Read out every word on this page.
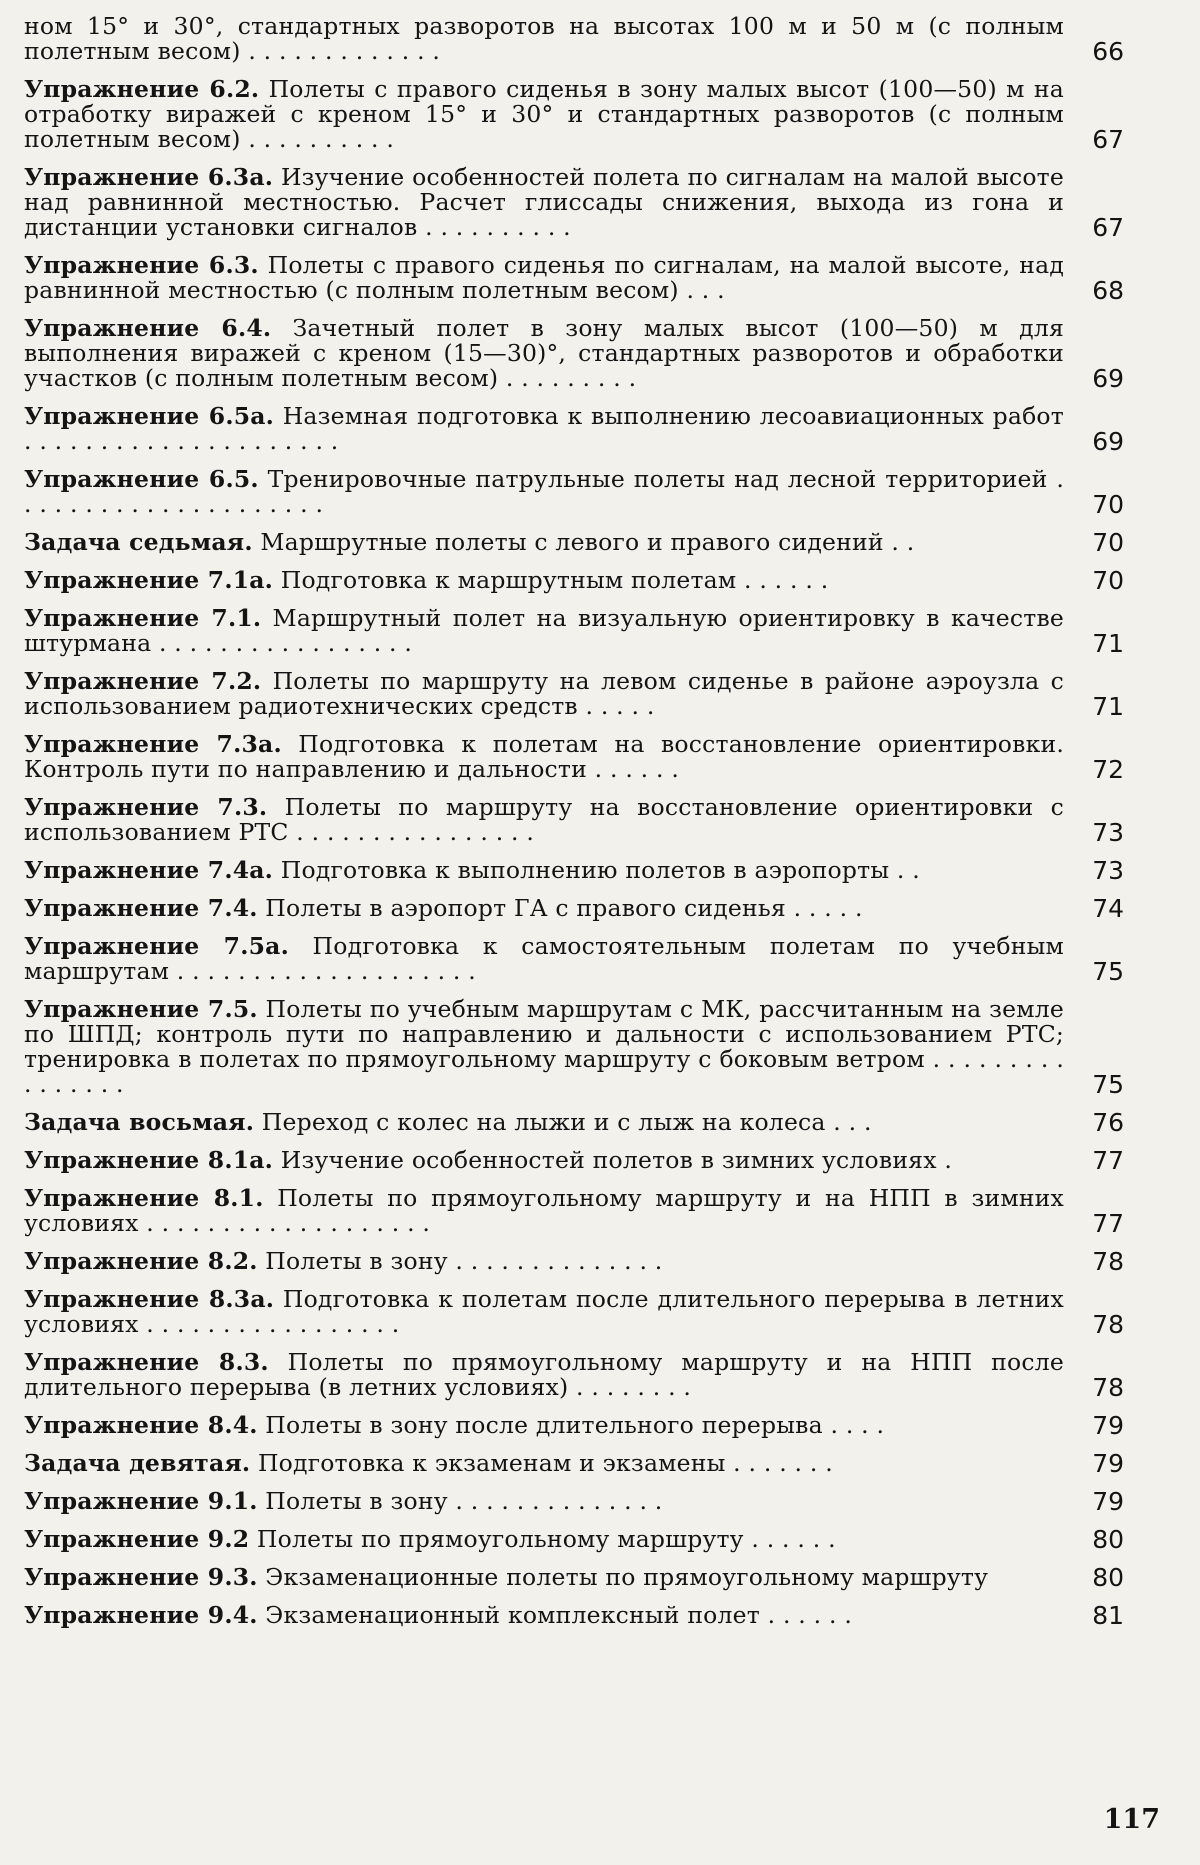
ном 15° и 30°, стандартных разворотов на высотах 100 м и 50 м (с полным полетным весом) . . . . . . . . . . . . .	66
Упражнение 6.2. Полеты с правого сиденья в зону малых высот (100—50) м на отработку виражей с креном 15° и 30° и стандартных разворотов (с полным полетным весом) . . . . . . . . . .	67
Упражнение 6.3а. Изучение особенностей полета по сигналам на малой высоте над равнинной местностью. Расчет глиссады снижения, выхода из гона и дистанции установки сигналов . . . . . . . . . .	67
Упражнение 6.3. Полеты с правого сиденья по сигналам, на малой высоте, над равнинной местностью (с полным полетным весом) . . .	68
Упражнение 6.4. Зачетный полет в зону малых высот (100—50) м для выполнения виражей с креном (15—30)°, стандартных разворотов и обработки участков (с полным полетным весом) . . . . . . . . .	69
Упражнение 6.5а. Наземная подготовка к выполнению лесоавиационных работ . . . . . . . . . . . . . . . . . . . . .	69
Упражнение 6.5. Тренировочные патрульные полеты над лесной территорией . . . . . . . . . . . . . . . . . . . . .	70
Задача седьмая. Маршрутные полеты с левого и правого сидений . .	70
Упражнение 7.1а. Подготовка к маршрутным полетам . . . . . .	70
Упражнение 7.1. Маршрутный полет на визуальную ориентировку в качестве штурмана . . . . . . . . . . . . . . . . .	71
Упражнение 7.2. Полеты по маршруту на левом сиденье в районе аэроузла с использованием радиотехнических средств . . . . .	71
Упражнение 7.3а. Подготовка к полетам на восстановление ориентировки. Контроль пути по направлению и дальности . . . . . .	72
Упражнение 7.3. Полеты по маршруту на восстановление ориентировки с использованием РТС . . . . . . . . . . . . . . . .	73
Упражнение 7.4а. Подготовка к выполнению полетов в аэропорты . .	73
Упражнение 7.4. Полеты в аэропорт ГА с правого сиденья . . . . .	74
Упражнение 7.5а. Подготовка к самостоятельным полетам по учебным маршрутам . . . . . . . . . . . . . . . . . . . .	75
Упражнение 7.5. Полеты по учебным маршрутам с МК, рассчитанным на земле по ШПД; контроль пути по направлению и дальности с использованием РТС; тренировка в полетах по прямоугольному маршруту с боковым ветром . . . . . . . . . . . . . . . .	75
Задача восьмая. Переход с колес на лыжи и с лыж на колеса . . .	76
Упражнение 8.1а. Изучение особенностей полетов в зимних условиях .	77
Упражнение 8.1. Полеты по прямоугольному маршруту и на НПП в зимних условиях . . . . . . . . . . . . . . . . . . .	77
Упражнение 8.2. Полеты в зону . . . . . . . . . . . . . .	78
Упражнение 8.3а. Подготовка к полетам после длительного перерыва в летних условиях . . . . . . . . . . . . . . . . .	78
Упражнение 8.3. Полеты по прямоугольному маршруту и на НПП после длительного перерыва (в летних условиях) . . . . . . . .	78
Упражнение 8.4. Полеты в зону после длительного перерыва . . . .	79
Задача девятая. Подготовка к экзаменам и экзамены . . . . . . .	79
Упражнение 9.1. Полеты в зону . . . . . . . . . . . . . .	79
Упражнение 9.2 Полеты по прямоугольному маршруту . . . . . .	80
Упражнение 9.3. Экзаменационные полеты по прямоугольному маршруту	80
Упражнение 9.4. Экзаменационный комплексный полет . . . . . .	81
117
